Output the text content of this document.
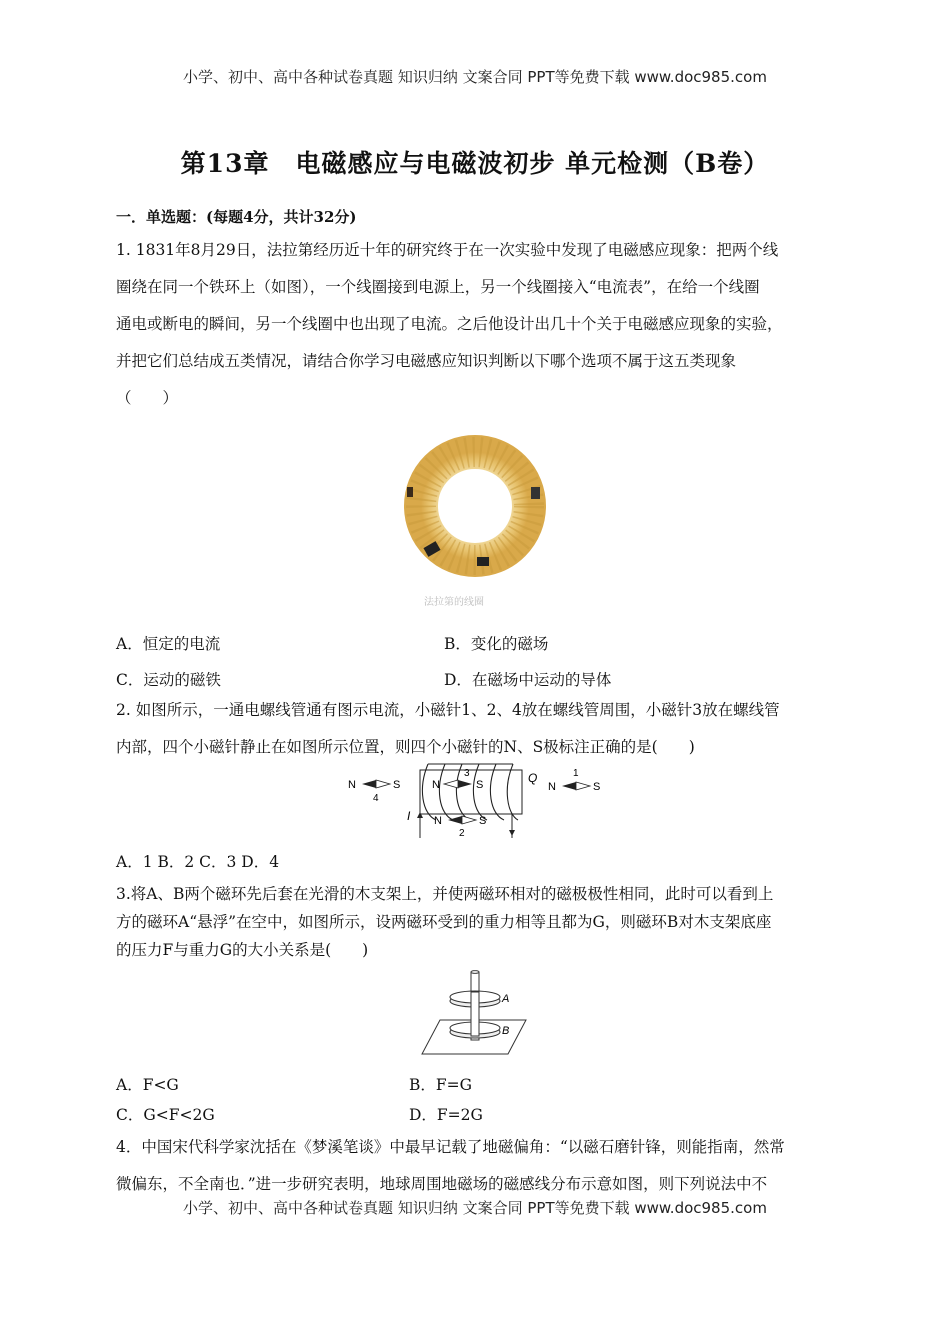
小学、初中、高中各种试卷真题 知识归纳 文案合同 PPT等免费下载 www.doc985.com
第13章　电磁感应与电磁波初步 单元检测（B卷）
一．单选题：(每题4分，共计32分)
1. 1831年8月29日，法拉第经历近十年的研究终于在一次实验中发现了电磁感应现象：把两个线
圈绕在同一个铁环上（如图），一个线圈接到电源上，另一个线圈接入“电流表”，在给一个线圈
通电或断电的瞬间，另一个线圈中也出现了电流。之后他设计出几十个关于电磁感应现象的实验，
并把它们总结成五类情况，请结合你学习电磁感应知识判断以下哪个选项不属于这五类现象
（　　）
法拉第的线圈
A．恒定的电流	B．变化的磁场
C．运动的磁铁	D．在磁场中运动的导体
2. 如图所示，一通电螺线管通有图示电流，小磁针1、2、4放在螺线管周围，小磁针3放在螺线管
内部，四个小磁针静止在如图所示位置，则四个小磁针的N、S极标注正确的是(　　)
I
Q
N	S
4
N	S
3
N	S
1
N	S
2
A．1 B．2 C．3 D．4
3.将A、B两个磁环先后套在光滑的木支架上，并使两磁环相对的磁极极性相同，此时可以看到上
方的磁环A“悬浮”在空中，如图所示，设两磁环受到的重力相等且都为G，则磁环B对木支架底座
的压力F与重力G的大小关系是(　　)
A
B
A．F<G	B．F=G
C．G<F<2G	D．F=2G
4．中国宋代科学家沈括在《梦溪笔谈》中最早记载了地磁偏角：“以磁石磨针锋，则能指南，然常
微偏东，不全南也．”进一步研究表明，地球周围地磁场的磁感线分布示意如图，则下列说法中不
小学、初中、高中各种试卷真题 知识归纳 文案合同 PPT等免费下载 www.doc985.com
